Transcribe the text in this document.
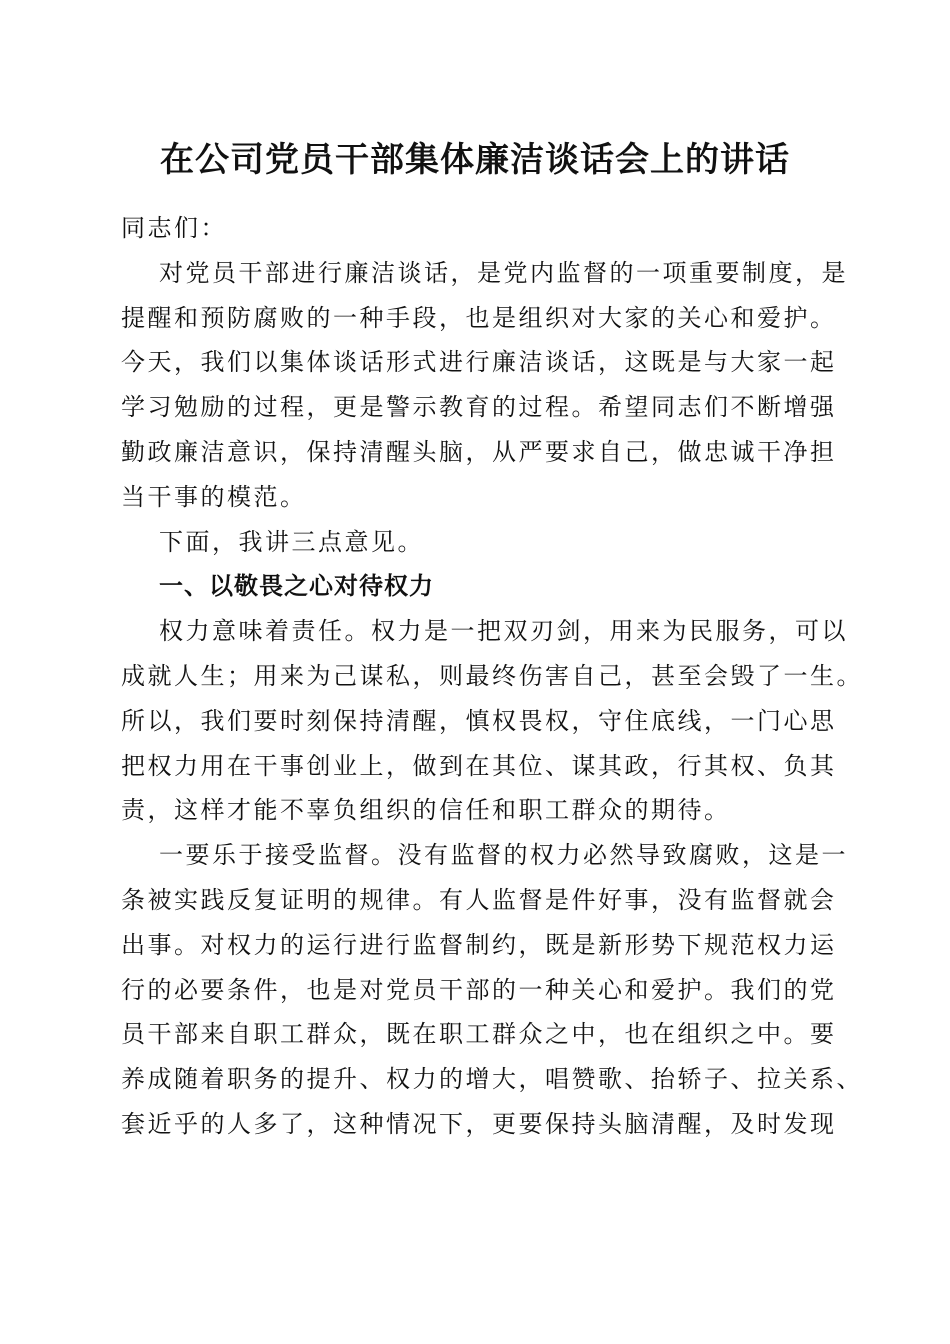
在公司党员干部集体廉洁谈话会上的讲话
同志们：
对党员干部进行廉洁谈话，是党内监督的一项重要制度，是
提醒和预防腐败的一种手段，也是组织对大家的关心和爱护。
今天，我们以集体谈话形式进行廉洁谈话，这既是与大家一起
学习勉励的过程，更是警示教育的过程。希望同志们不断增强
勤政廉洁意识，保持清醒头脑，从严要求自己，做忠诚干净担
当干事的模范。
下面，我讲三点意见。
一、以敬畏之心对待权力
权力意味着责任。权力是一把双刃剑，用来为民服务，可以
成就人生；用来为己谋私，则最终伤害自己，甚至会毁了一生。
所以，我们要时刻保持清醒，慎权畏权，守住底线，一门心思
把权力用在干事创业上，做到在其位、谋其政，行其权、负其
责，这样才能不辜负组织的信任和职工群众的期待。
一要乐于接受监督。没有监督的权力必然导致腐败，这是一
条被实践反复证明的规律。有人监督是件好事，没有监督就会
出事。对权力的运行进行监督制约，既是新形势下规范权力运
行的必要条件，也是对党员干部的一种关心和爱护。我们的党
员干部来自职工群众，既在职工群众之中，也在组织之中。要
养成随着职务的提升、权力的增大，唱赞歌、抬轿子、拉关系、
套近乎的人多了，这种情况下，更要保持头脑清醒，及时发现
